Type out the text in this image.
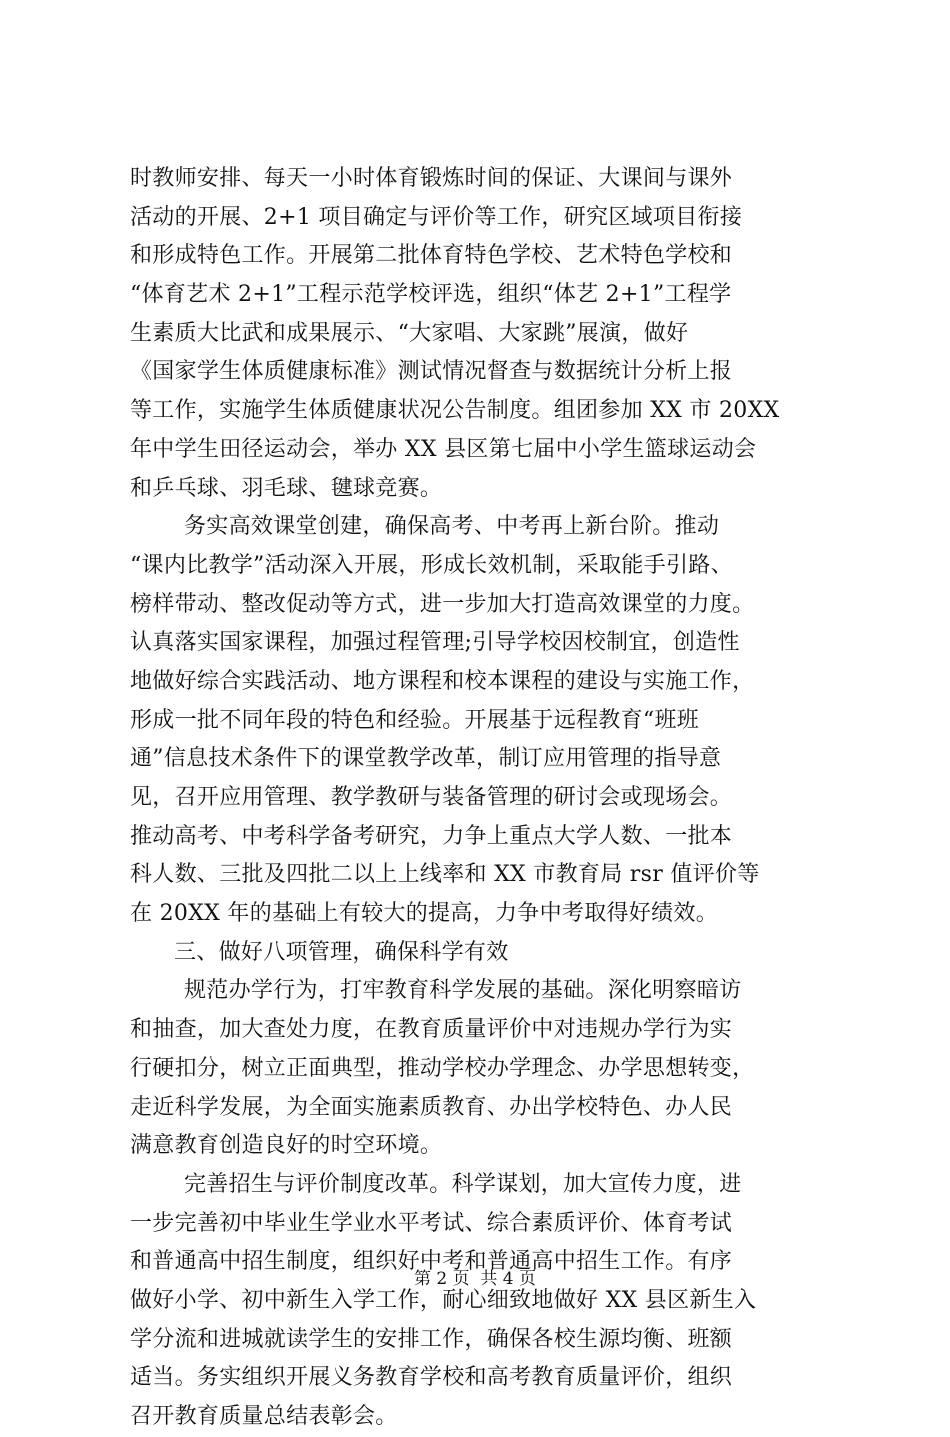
时教师安排、每天一小时体育锻炼时间的保证、大课间与课外
活动的开展、2+1 项目确定与评价等工作，研究区域项目衔接
和形成特色工作。开展第二批体育特色学校、艺术特色学校和
“体育艺术 2+1”工程示范学校评选，组织“体艺 2+1”工程学
生素质大比武和成果展示、“大家唱、大家跳”展演，做好
《国家学生体质健康标准》测试情况督查与数据统计分析上报
等工作，实施学生体质健康状况公告制度。组团参加 XX 市 20XX
年中学生田径运动会，举办 XX 县区第七届中小学生篮球运动会
和乒乓球、羽毛球、毽球竞赛。
务实高效课堂创建，确保高考、中考再上新台阶。推动
“课内比教学”活动深入开展，形成长效机制，采取能手引路、
榜样带动、整改促动等方式，进一步加大打造高效课堂的力度。
认真落实国家课程，加强过程管理;引导学校因校制宜，创造性
地做好综合实践活动、地方课程和校本课程的建设与实施工作，
形成一批不同年段的特色和经验。开展基于远程教育“班班
通”信息技术条件下的课堂教学改革，制订应用管理的指导意
见，召开应用管理、教学教研与装备管理的研讨会或现场会。
推动高考、中考科学备考研究，力争上重点大学人数、一批本
科人数、三批及四批二以上上线率和 XX 市教育局 rsr 值评价等
在 20XX 年的基础上有较大的提高，力争中考取得好绩效。
三、做好八项管理，确保科学有效
规范办学行为，打牢教育科学发展的基础。深化明察暗访
和抽查，加大查处力度，在教育质量评价中对违规办学行为实
行硬扣分，树立正面典型，推动学校办学理念、办学思想转变，
走近科学发展，为全面实施素质教育、办出学校特色、办人民
满意教育创造良好的时空环境。
完善招生与评价制度改革。科学谋划，加大宣传力度，进
一步完善初中毕业生学业水平考试、综合素质评价、体育考试
和普通高中招生制度，组织好中考和普通高中招生工作。有序
做好小学、初中新生入学工作，耐心细致地做好 XX 县区新生入
学分流和进城就读学生的安排工作，确保各校生源均衡、班额
适当。务实组织开展义务教育学校和高考教育质量评价，组织
召开教育质量总结表彰会。
第 2 页  共 4 页
